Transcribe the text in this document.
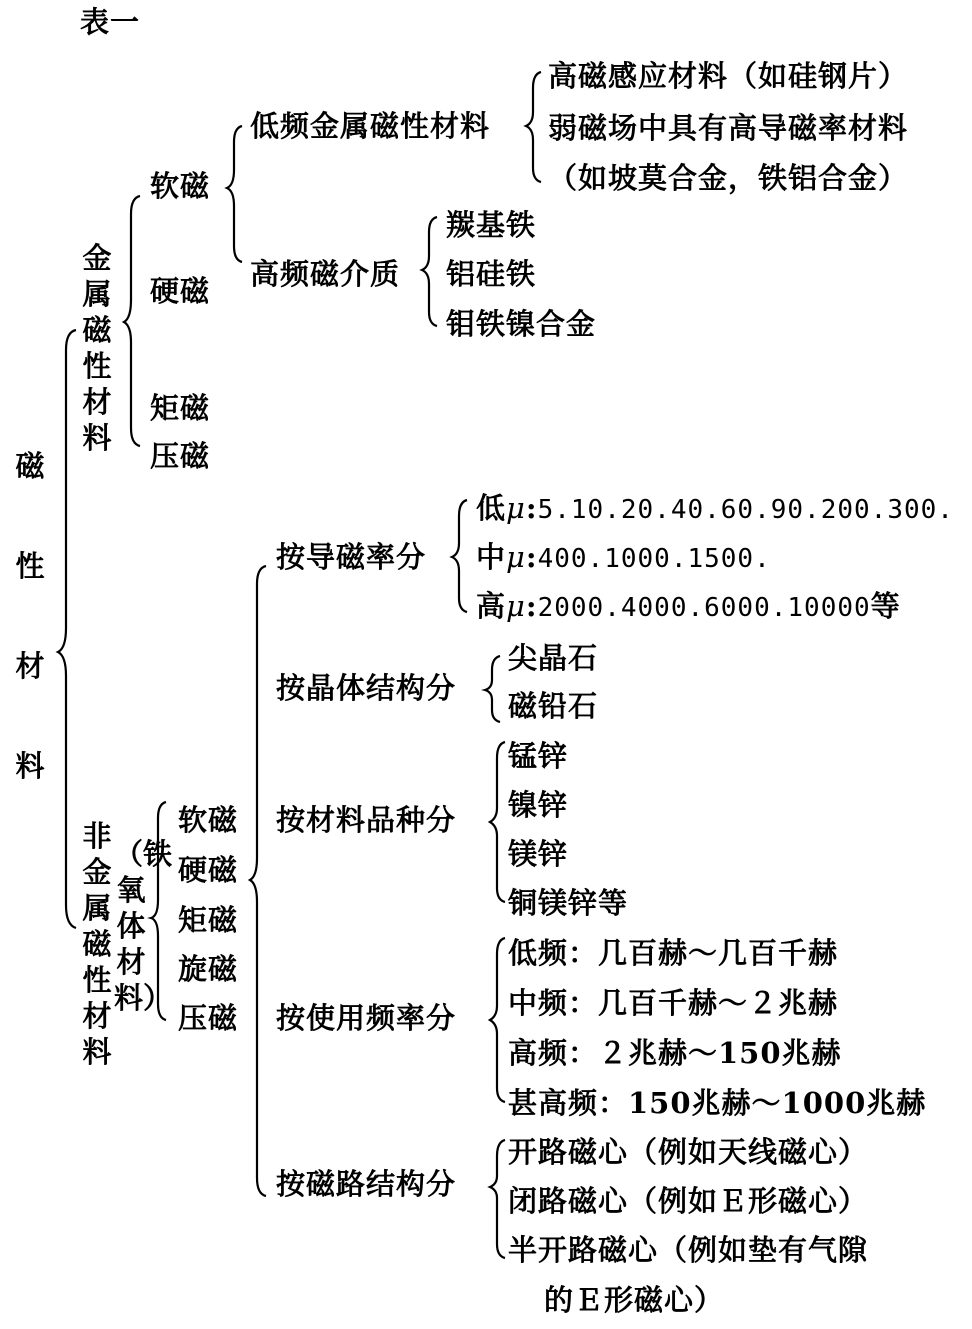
表一
磁性材料
金属磁性材料
软磁
硬磁
矩磁
压磁
低频金属磁性材料
高磁感应材料（如硅钢片）
弱磁场中具有高导磁率材料
（如坡莫合金，铁铝合金）
高频磁介质
羰基铁
铝硅铁
钼铁镍合金
非金属磁性材料
（铁氧体材料）
软磁
硬磁
矩磁
旋磁
压磁
按导磁率分
低μ:5.10.20.40.60.90.200.300.
中μ:400.1000.1500.
高μ:2000.4000.6000.10000等
按晶体结构分
尖晶石
磁铅石
按材料品种分
锰锌
镍锌
镁锌
铜镁锌等
按使用频率分
低频：几百赫～几百千赫
中频：几百千赫～２兆赫
高频：２兆赫～150兆赫
甚高频：150兆赫～1000兆赫
按磁路结构分
开路磁心（例如天线磁心）
闭路磁心（例如Ｅ形磁心）
半开路磁心（例如垫有气隙
的Ｅ形磁心）
